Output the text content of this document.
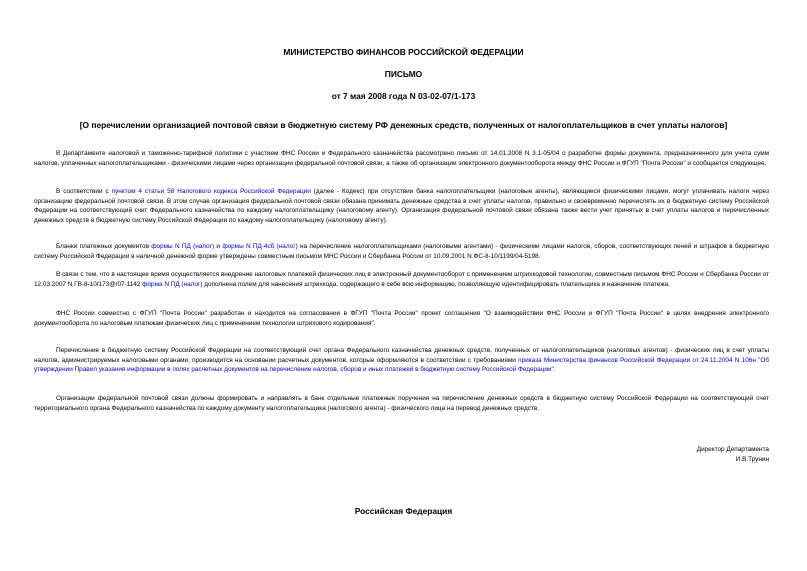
МИНИСТЕРСТВО ФИНАНСОВ РОССИЙСКОЙ ФЕДЕРАЦИИ
ПИСЬМО
от 7 мая 2008 года N 03-02-07/1-173
[О перечислении организацией почтовой связи в бюджетную систему РФ денежных средств, полученных от налогоплательщиков в счет уплаты налогов]

В Департаменте налоговой и таможенно-тарифной политики с участием ФНС России и Федерального казначейства рассмотрено письмо от 14.01.2008 N 3.1-05/04 о разработке формы документа, предназначенного для учета сумм налогов, уплаченных налогоплательщиками - физическими лицами через организации федеральной почтовой связи, а также об организации электронного документооборота между ФНС России и ФГУП "Почта России" и сообщается следующее.

В соответствии с пунктом 4 статьи 58 Налогового кодекса Российской Федерации (далее - Кодекс) при отсутствии банка налогоплательщики (налоговые агенты), являющиеся физическими лицами, могут уплачивать налоги через организацию федеральной почтовой связи. В этом случае организация федеральной почтовой связи обязана принимать денежные средства в счет уплаты налогов, правильно и своевременно перечислять их в бюджетную систему Российской Федерации на соответствующий счет Федерального казначейства по каждому налогоплательщику (налоговому агенту). Организация федеральной почтовой связи обязана также вести учет принятых в счет уплаты налогов и перечисленных денежных средств в бюджетную систему Российской Федерации по каждому налогоплательщику (налоговому агенту).

Бланки платежных документов формы N ПД (налог) и формы N ПД-4сб (налог) на перечисление налогоплательщиками (налоговыми агентами) - физическими лицами налогов, сборов, соответствующих пеней и штрафов в бюджетную систему Российской Федерации в наличной денежной форме утверждены совместным письмом МНС России и Сбербанка России от 10.09.2001 N ФС-8-10/1199/04-5198.

В связи с тем, что в настоящее время осуществляется внедрение налоговых платежей физических лиц в электронный документооборот с применением штрихкодовой технологии, совместным письмом ФНС России и Сбербанка России от 12.03.2007 N ГВ-8-10/173@/07-1142 форма N ПД (налог) дополнена полем для нанесения штрихкода, содержащего в себе всю информацию, позволяющую идентифицировать плательщика и назначение платежа.

ФНС России совместно с ФГУП "Почта России" разработан и находится на согласовании в ФГУП "Почта России" проект соглашения "О взаимодействии ФНС России и ФГУП "Почта России" в целях внедрения электронного документооборота по налоговым платежам физических лиц с применением технологии штрихового кодирования".

Перечисление в бюджетную систему Российской Федерации на соответствующий счет органа Федерального казначейства денежных средств, полученных от налогоплательщиков (налоговых агентов) - физических лиц в счет уплаты налогов, администрируемых налоговыми органами, производится на основании расчетных документов, которые оформляются в соответствии с требованиями приказа Министерства финансов Российской Федерации от 24.11.2004 N 106н "Об утверждении Правил указания информации в полях расчетных документов на перечисление налогов, сборов и иных платежей в бюджетную систему Российской Федерации".

Организации федеральной почтовой связи должны формировать и направлять в банк отдельные платежные поручения на перечисление денежных средств в бюджетную систему Российской Федерации на соответствующий счет территориального органа Федерального казначейства по каждому документу налогоплательщика (налогового агента) - физического лица на перевод денежных средств.

Директор Департамента
И.В.Трунин
Российская Федерация
